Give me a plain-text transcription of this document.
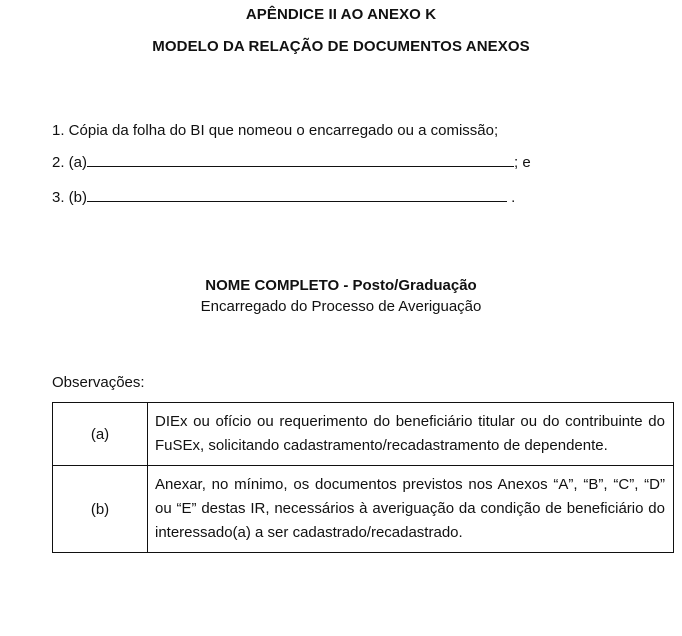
APÊNDICE II AO ANEXO K
MODELO DA RELAÇÃO DE DOCUMENTOS ANEXOS
1. Cópia da folha do BI que nomeou o encarregado ou a comissão;
2. (a)	; e
3. (b)	.
NOME COMPLETO - Posto/Graduação
Encarregado do Processo de Averiguação
Observações:
(a)	DIEx ou ofício ou requerimento do beneficiário titular ou do contribuinte do FuSEx, solicitando cadastramento/recadastramento de dependente.
(b)	Anexar, no mínimo, os documentos previstos nos Anexos “A”, “B”, “C”, “D” ou “E” destas IR, necessários à averiguação da condição de beneficiário do interessado(a) a ser cadastrado/recadastrado.
